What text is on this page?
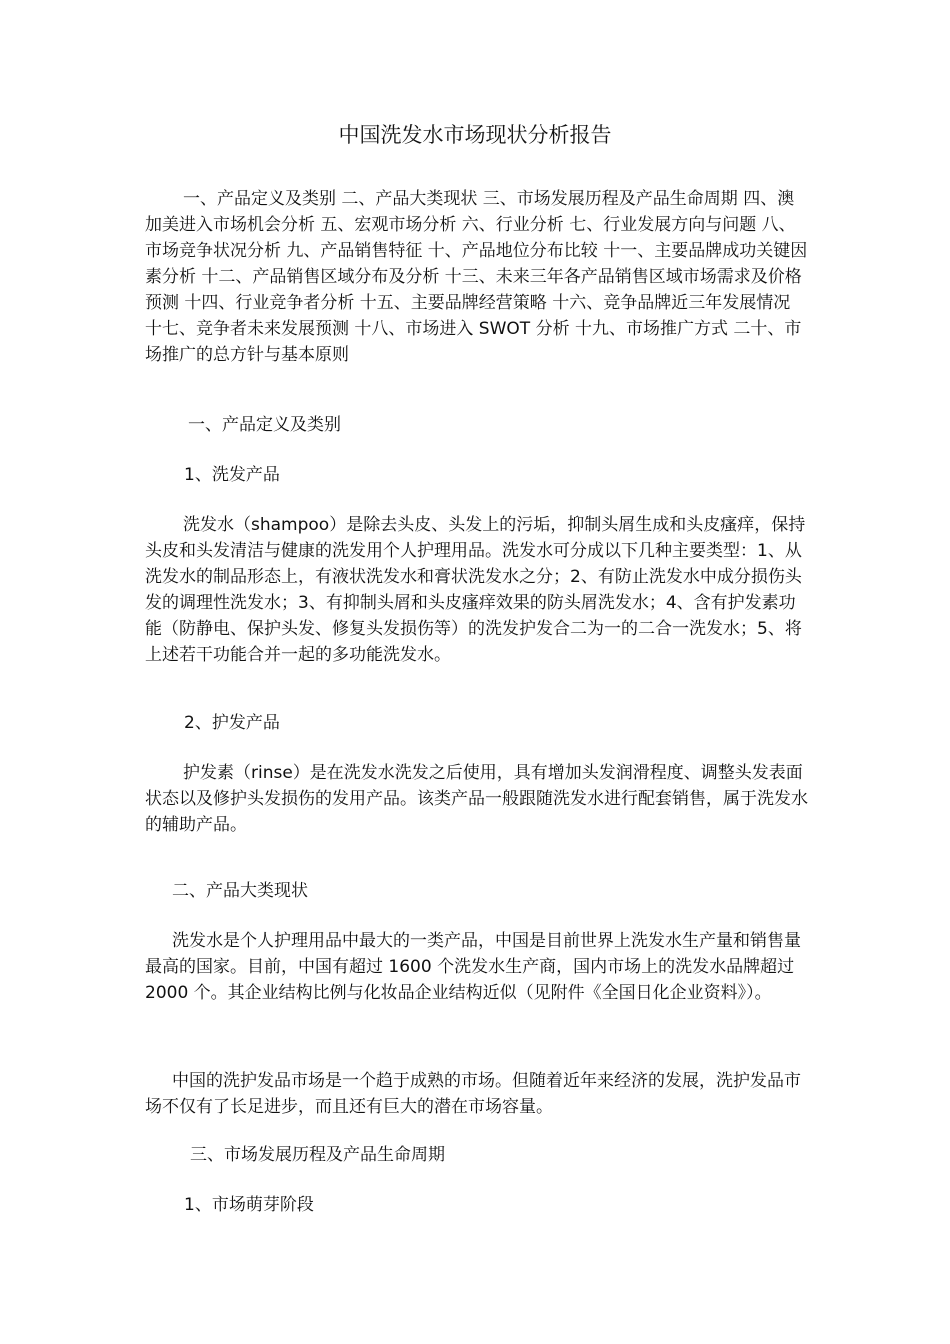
中国洗发水市场现状分析报告

一、产品定义及类别 二、产品大类现状 三、市场发展历程及产品生命周期 四、澳加美进入市场机会分析 五、宏观市场分析 六、行业分析 七、行业发展方向与问题 八、市场竞争状况分析 九、产品销售特征 十、产品地位分布比较 十一、主要品牌成功关键因素分析 十二、产品销售区域分布及分析 十三、未来三年各产品销售区域市场需求及价格预测 十四、行业竞争者分析 十五、主要品牌经营策略 十六、竞争品牌近三年发展情况 十七、竞争者未来发展预测 十八、市场进入 SWOT 分析 十九、市场推广方式 二十、市场推广的总方针与基本原则

一、产品定义及类别

1、洗发产品

洗发水（shampoo）是除去头皮、头发上的污垢，抑制头屑生成和头皮瘙痒，保持头皮和头发清洁与健康的洗发用个人护理用品。洗发水可分成以下几种主要类型：1、从洗发水的制品形态上，有液状洗发水和膏状洗发水之分；2、有防止洗发水中成分损伤头发的调理性洗发水；3、有抑制头屑和头皮瘙痒效果的防头屑洗发水；4、含有护发素功能（防静电、保护头发、修复头发损伤等）的洗发护发合二为一的二合一洗发水；5、将上述若干功能合并一起的多功能洗发水。

2、护发产品

护发素（rinse）是在洗发水洗发之后使用，具有增加头发润滑程度、调整头发表面状态以及修护头发损伤的发用产品。该类产品一般跟随洗发水进行配套销售，属于洗发水的辅助产品。

二、产品大类现状

洗发水是个人护理用品中最大的一类产品，中国是目前世界上洗发水生产量和销售量最高的国家。目前，中国有超过 1600 个洗发水生产商，国内市场上的洗发水品牌超过 2000 个。其企业结构比例与化妆品企业结构近似（见附件《全国日化企业资料》）。

中国的洗护发品市场是一个趋于成熟的市场。但随着近年来经济的发展，洗护发品市场不仅有了长足进步，而且还有巨大的潜在市场容量。

三、市场发展历程及产品生命周期

1、市场萌芽阶段
